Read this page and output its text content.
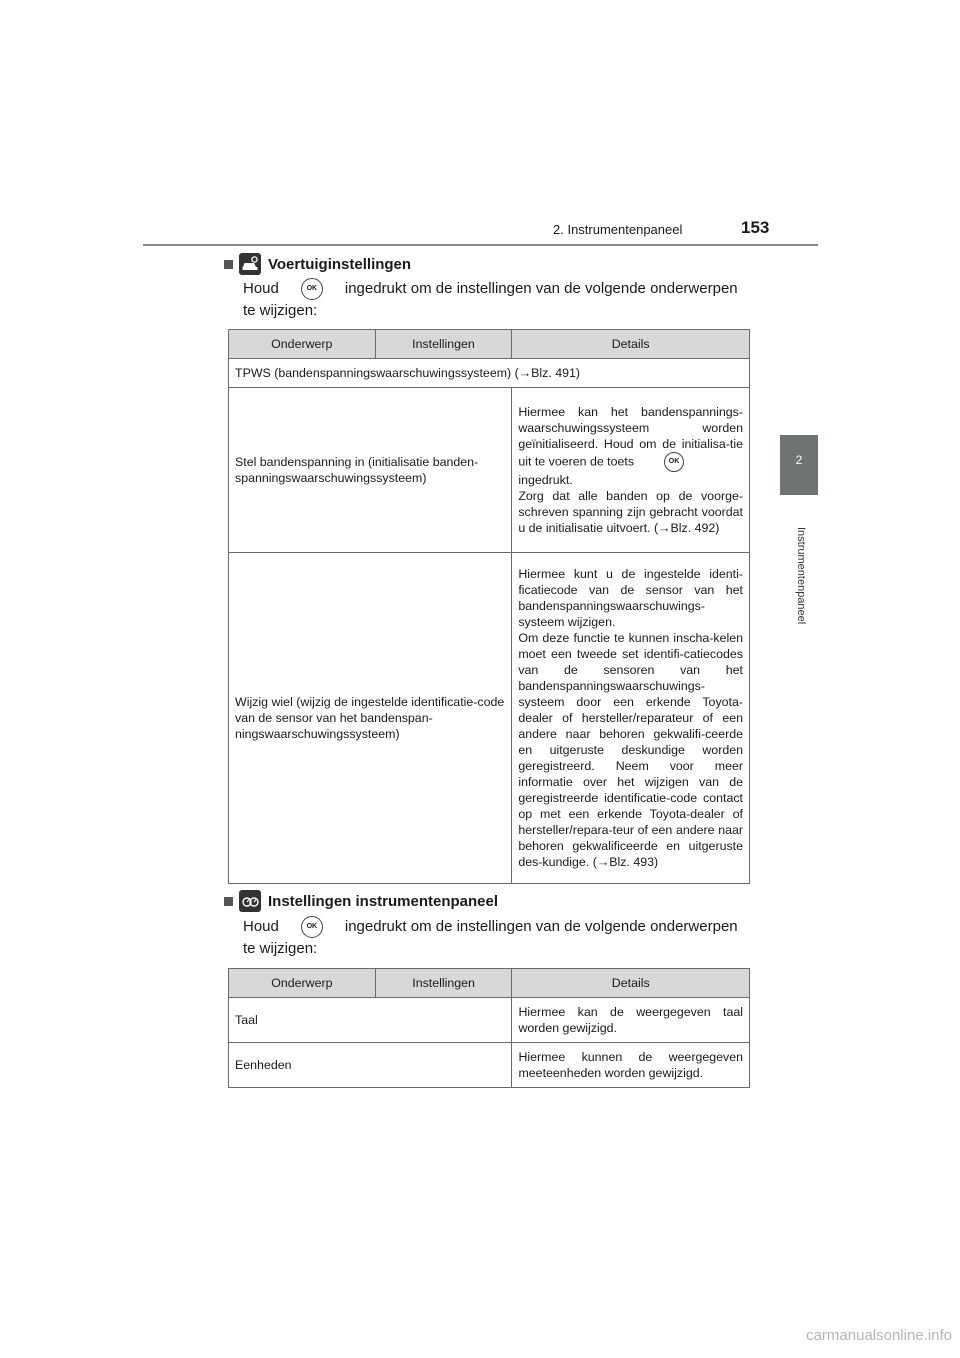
2. Instrumentenpaneel	153
2
Instrumentenpaneel
Voertuiginstellingen
Houd	OK ingedrukt om de instellingen van de volgende onderwerpen
te wijzigen:
Onderwerp	Instellingen	Details
TPWS (bandenspanningswaarschuwingssysteem) (→Blz. 491)		
Stel bandenspanning in (initialisatie banden-spanningswaarschuwingssysteem)		Hiermee kan het bandenspannings-waarschuwingssysteem worden geïnitialiseerd. Houd om de initialisa-tie uit te voeren de toets OK
ingedrukt.
Zorg dat alle banden op de voorge-schreven spanning zijn gebracht voordat u de initialisatie uitvoert. (→Blz. 492)
Wijzig wiel (wijzig de ingestelde identificatie-code van de sensor van het bandenspan-ningswaarschuwingssysteem)		Hiermee kunt u de ingestelde identi-ficatiecode van de sensor van het bandenspanningswaarschuwings-systeem wijzigen.
Om deze functie te kunnen inscha-kelen moet een tweede set identifi-catiecodes van de sensoren van het bandenspanningswaarschuwings-systeem door een erkende Toyota-dealer of hersteller/reparateur of een andere naar behoren gekwalifi-ceerde en uitgeruste deskundige worden geregistreerd. Neem voor meer informatie over het wijzigen van de geregistreerde identificatie-code contact op met een erkende Toyota-dealer of hersteller/repara-teur of een andere naar behoren gekwalificeerde en uitgeruste des-kundige. (→Blz. 493)
Instellingen instrumentenpaneel
Houd	OK ingedrukt om de instellingen van de volgende onderwerpen
te wijzigen:
Onderwerp	Instellingen	Details
Taal		Hiermee kan de weergegeven taal worden gewijzigd.
Eenheden		Hiermee kunnen de weergegeven meeteenheden worden gewijzigd.
carmanualsonline.info
